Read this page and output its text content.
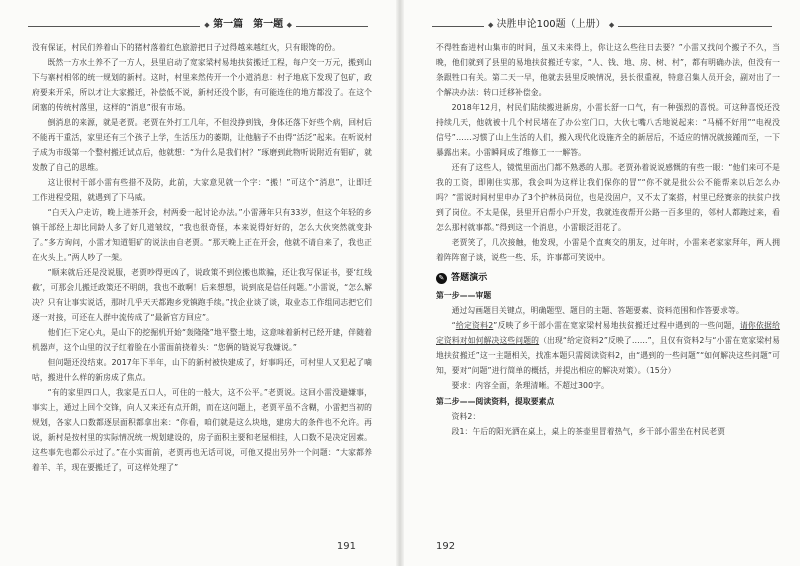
◆ 第一篇　第一题 ◆

没有保证，村民们养着山下的猪村落着红色旅游把日子过得越来越红火，只有眼馋的份。

既然一方水土养不了一方人，县里启动了宽家梁村易地扶贫搬迁工程，每户交一万元，搬到山下与寨村相邻的统一规划的新村。这时，村里来然传开一个小道消息：村子地底下发现了包矿，政府要来开采，所以才让大家搬迁，补偿低不说，新村还没个影，有可能连住的地方都没了。在这个闭塞的传统村落里，这样的“消息”很有市场。

倒消息的来源，就是老贾。老贾在外打工几年，不但没挣到钱，身体还落下好些个病，回村后不能再干重活，家里还有三个孩子上学，生活压力的萎期，让他脑子不由得“活泛”起来。在听说村子成为市级第一个整村搬迁试点后，他就想：“为什么是我们村？”琢磨到此物听说附近有钼矿，就发散了自己的思维。

这让很村干部小雷有些措不及防，此前，大家意见就一个字：“搬！”可这个“消息”，让即迁工作进程受阻，就遇到了下马威。

“白天入户走访，晚上进茶开会，村两委一起讨论办法。”小雷薄年只有33岁，但这个年轻的乡镇干部经上却比同龄人多了好几道皱纹，“我也很奇怪，本来说得好好的，怎么大伙突然就变卦了。”多方询问，小雷才知道钼矿的说法由自老贾。“那天晚上正在开会，他就不请自来了，我也正在火头上。”两人吵了一架。

“顺来就后还是没说服，老贾吵得更凶了，说政策不到位搬也欺骗，还让我写保证书，要‘红线截’，可那会儿搬迁政策还不明朗，我也不敢啊！后来想想，说到底是信任问题。”小雷说，“怎么解决？只有让事实说话，那时几乎天天都跑乡党镇跑手续。”找企业谈了谈，取业态工作组同志把它们逐一对接，可还在人群中流传成了“最新官方回应”。

他们仨下定心丸，是山下的挖掘机开始“轰隆隆”地平整土地，这意味着新村已经开建，伴随着机器声，这个山里的汉子红着脸在小雷面前挠着头：“您俩的链说写我嫌说。”

但问题还没结束。2017年下半年，山下的新村被快建成了，好事吗还，可村里人又犯起了嘀咕，搬进什么样的新房成了焦点。

“有的家里四口人，我家是五口人，可住的一般大，这不公平。”老贾说。这回小雷没避嫌事，事实上，通过上回个交锋，向人又来还有点开朗，而在这问题上，老贾平虽不含糊，小雷把当初的规划，各家人口数都逐层面积都拿出来：“你看，咱们就是这么块地，建房大的条件也不允许。再说，新村是按村里的实际情况统一规划建设的，房子面积主要和老屋相挂，人口数不是决定因素。这些事先也都公示过了。”在小实面前，老贾再也无话可说，可他又提出另外一个问题：“大家都养着羊、羊，现在要搬迁了，可这样处理了”

191
◆ 决胜申论100题（上册） ◆

不得牲畜进村山集市的时间，虽又未来得上，你让这么些往日去要？”小雷又找问个搬子不久，当晚，他们就到了县里的易地扶贫搬迁专家，“人、钱、地、房、树、村”，都有明确办法，但没有一条跟牲口有关。第二天一早，他就去县里反映情况，县长很重视，特意召集人员开会，副对出了一个解决办法：转口迁移补偿金。

2018年12月，村民们陆续搬进新房，小雷长舒一口气，有一种强烈的喜悦。可这种喜悦还没持续几天，他就被十几个村民堵在了办公室门口，大伙七嘴八舌地说起来：“马桶不好用”“电视没信号”……习惯了山上生活的人们，搬入现代化设施齐全的新居后，不适应的情况就接踵而至，一下暴露出来。小雷瞬间成了维修工一一解答。

还有了这些人，镜慌里面出门都不熟悉的人那。老贾孙着说说感慨的有些一眼：“他们来可不是我的工资，即刚住实那，我会叫为这样让我们保你的冒”“你不就是批公公不能帮来以后怎么办吗？”雷说时间村里申办了3个护林员岗位，也是没固户，又不太了案搭，村里已经赛亲的扶贫户找到了岗位。不太是保，县里开启帮小户开发，我就连夜帮开公路一百多里的，邻村人都跑过来，看怎么那村就事都。”得到这一个消息，小雷眼泛泪花了。

老贾笑了，几次接触，他发现，小雷是个直爽交的朋友，过年时，小雷来老家家拜年，两人拥着阵阵窗子谈，说些一些、乐，许事都可笑说中。

✎ 答题演示

第一步——审题

通过勾画题目关键点，明确题型、题目的主题、答题要素、资料范围和作答要求等。

“给定资料2”反映了乡干部小雷在宽家梁村易地扶贫搬迁过程中遇到的一些问题，请你依据给定资料对如何解决这些问题的（出现“给定资料2”反映了……”，且仅有资料2与“小雷在宽家梁村易地扶贫搬迁”这一主题相关，找准本题只需阅读资料2，由“遇到的一些问题”“如何解决这些问题”可知，要对“问题”进行简单的概括，并提出相应的解决对策）。（15分）

要求：内容全面，条理清晰。不超过300字。

第二步——阅读资料，提取要素点

资料2：

段1：午后的阳光洒在桌上，桌上的茶壶里冒着热气，乡干部小雷坐在村民老贾

192
